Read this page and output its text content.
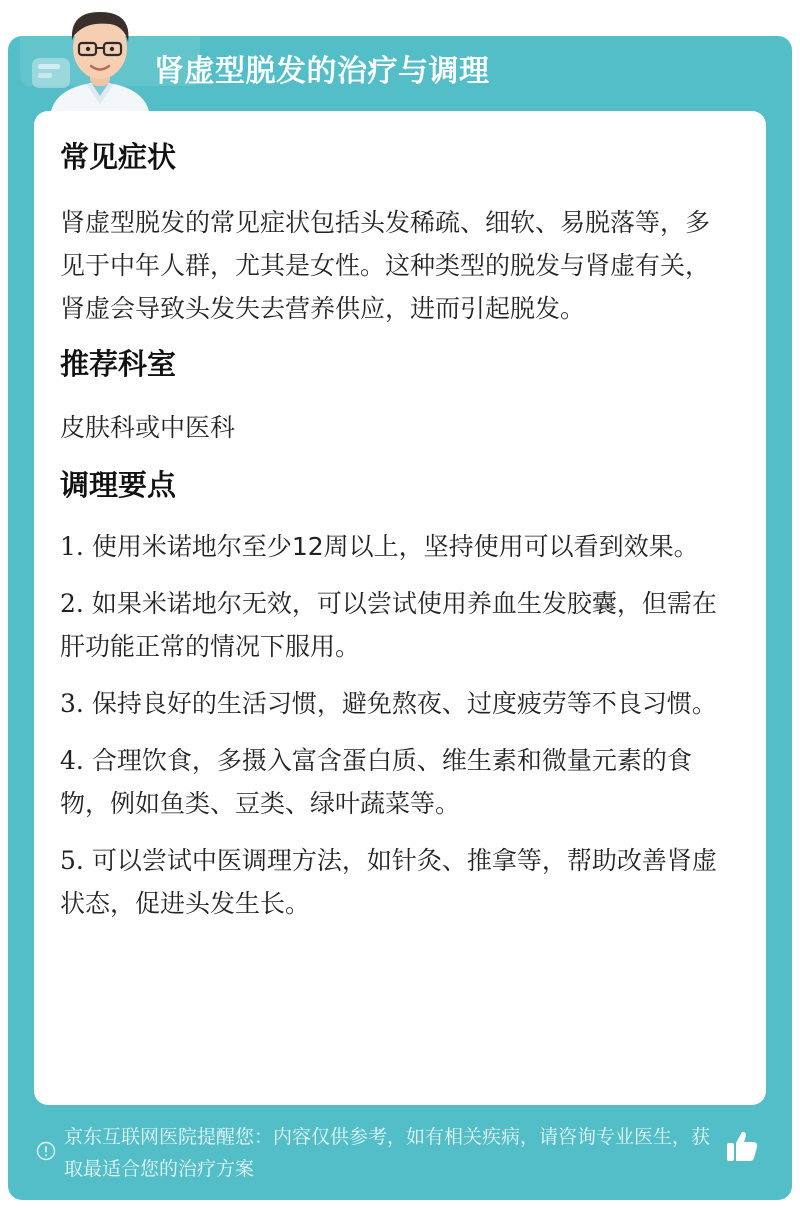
肾虚型脱发的治疗与调理
常见症状

肾虚型脱发的常见症状包括头发稀疏、细软、易脱落等，多见于中年人群，尤其是女性。这种类型的脱发与肾虚有关，肾虚会导致头发失去营养供应，进而引起脱发。

推荐科室

皮肤科或中医科

调理要点

1. 使用米诺地尔至少12周以上，坚持使用可以看到效果。

2. 如果米诺地尔无效，可以尝试使用养血生发胶囊，但需在肝功能正常的情况下服用。

3. 保持良好的生活习惯，避免熬夜、过度疲劳等不良习惯。

4. 合理饮食，多摄入富含蛋白质、维生素和微量元素的食物，例如鱼类、豆类、绿叶蔬菜等。

5. 可以尝试中医调理方法，如针灸、推拿等，帮助改善肾虚状态，促进头发生长。

京东互联网医院提醒您：内容仅供参考，如有相关疾病，请咨询专业医生，获取最适合您的治疗方案
